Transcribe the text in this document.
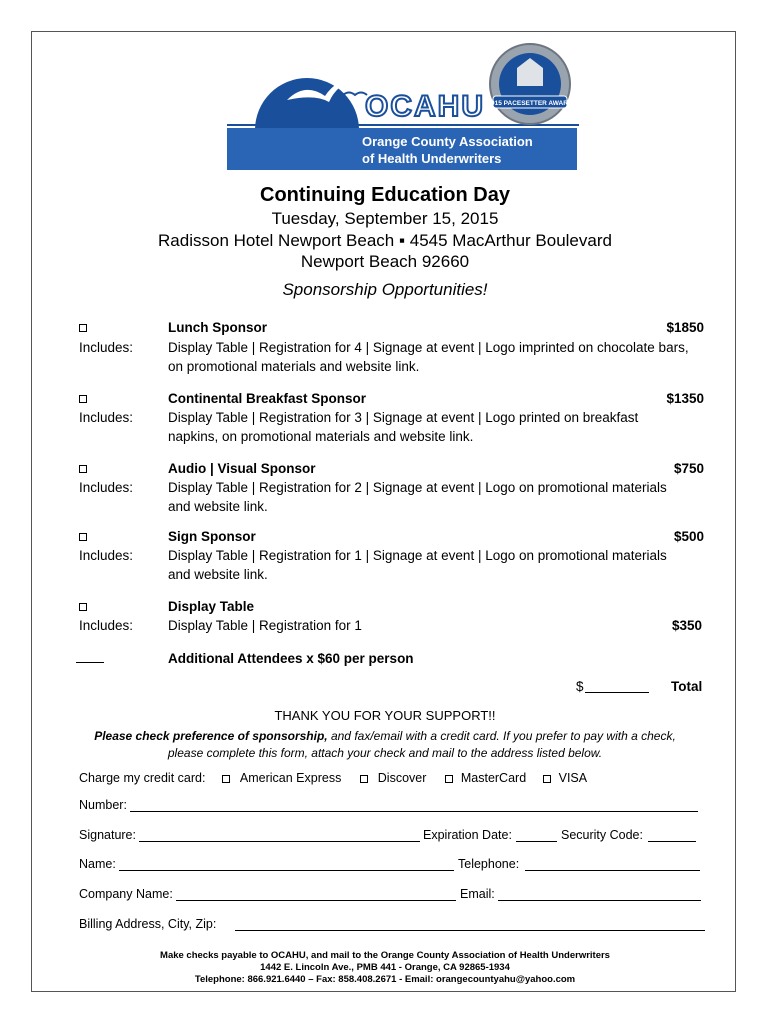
OCAHU
Orange County Association
of Health Underwriters
2015 PACESETTER AWARD
Continuing Education Day
Tuesday, September 15, 2015
Radisson Hotel Newport Beach ▪ 4545 MacArthur Boulevard
Newport Beach 92660
Sponsorship Opportunities!
Lunch Sponsor	$1850
Includes:	Display Table | Registration for 4 | Signage at event | Logo imprinted on chocolate bars,
on promotional materials and website link.
Continental Breakfast Sponsor	$1350
Includes:	Display Table | Registration for 3 | Signage at event | Logo printed on breakfast
napkins, on promotional materials and website link.
Audio | Visual Sponsor	$750
Includes:	Display Table | Registration for 2 | Signage at event | Logo on promotional materials
and website link.
Sign Sponsor	$500
Includes:	Display Table | Registration for 1 | Signage at event | Logo on promotional materials
and website link.
Display Table
Includes:	Display Table | Registration for 1	$350
Additional Attendees x $60 per person
$	Total
THANK YOU FOR YOUR SUPPORT!!
Please check preference of sponsorship, and fax/email with a credit card. If you prefer to pay with a check,
please complete this form, attach your check and mail to the address listed below.
Charge my credit card:	American Express	Discover	MasterCard	VISA
Number:
Signature:	Expiration Date:	Security Code:
Name:	Telephone:
Company Name:	Email:
Billing Address, City, Zip:
Make checks payable to OCAHU, and mail to the Orange County Association of Health Underwriters
1442 E. Lincoln Ave., PMB 441 - Orange, CA 92865-1934
Telephone: 866.921.6440 – Fax: 858.408.2671 - Email: orangecountyahu@yahoo.com
